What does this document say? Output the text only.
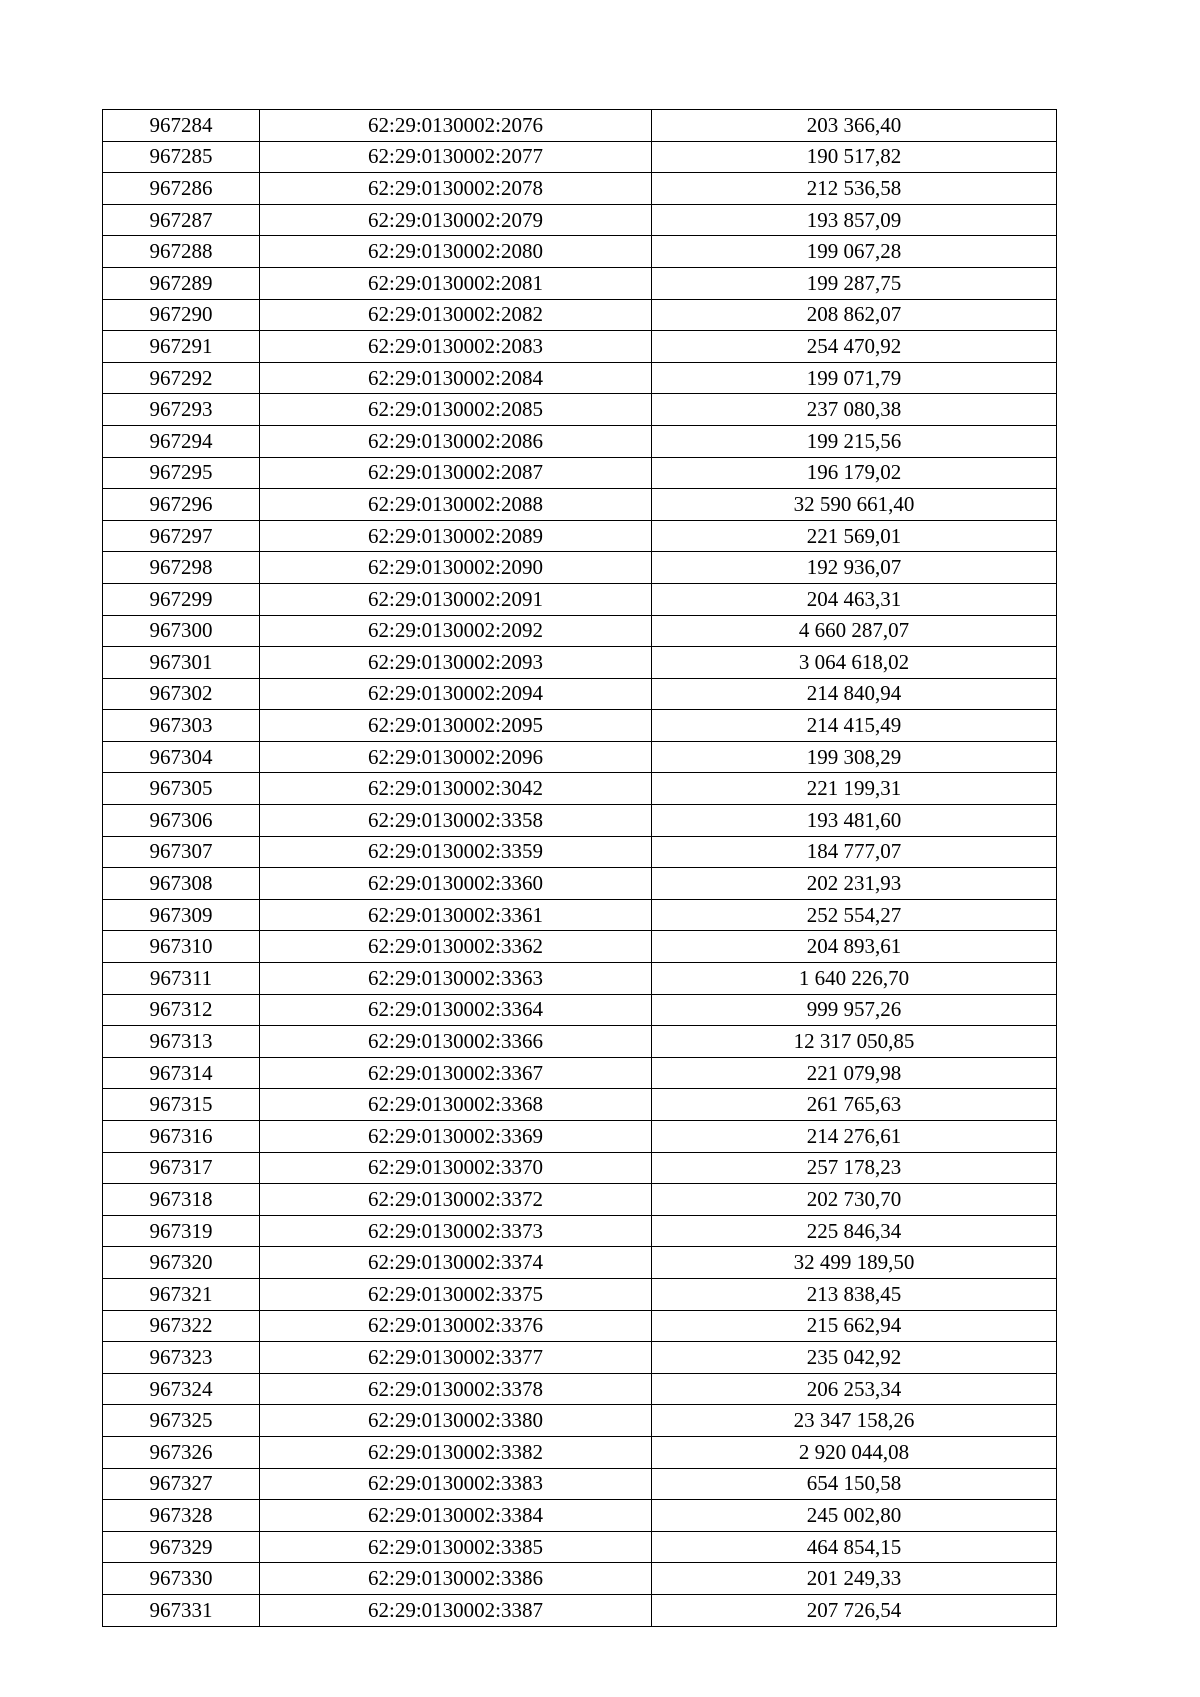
967284	62:29:0130002:2076	203 366,40
967285	62:29:0130002:2077	190 517,82
967286	62:29:0130002:2078	212 536,58
967287	62:29:0130002:2079	193 857,09
967288	62:29:0130002:2080	199 067,28
967289	62:29:0130002:2081	199 287,75
967290	62:29:0130002:2082	208 862,07
967291	62:29:0130002:2083	254 470,92
967292	62:29:0130002:2084	199 071,79
967293	62:29:0130002:2085	237 080,38
967294	62:29:0130002:2086	199 215,56
967295	62:29:0130002:2087	196 179,02
967296	62:29:0130002:2088	32 590 661,40
967297	62:29:0130002:2089	221 569,01
967298	62:29:0130002:2090	192 936,07
967299	62:29:0130002:2091	204 463,31
967300	62:29:0130002:2092	4 660 287,07
967301	62:29:0130002:2093	3 064 618,02
967302	62:29:0130002:2094	214 840,94
967303	62:29:0130002:2095	214 415,49
967304	62:29:0130002:2096	199 308,29
967305	62:29:0130002:3042	221 199,31
967306	62:29:0130002:3358	193 481,60
967307	62:29:0130002:3359	184 777,07
967308	62:29:0130002:3360	202 231,93
967309	62:29:0130002:3361	252 554,27
967310	62:29:0130002:3362	204 893,61
967311	62:29:0130002:3363	1 640 226,70
967312	62:29:0130002:3364	999 957,26
967313	62:29:0130002:3366	12 317 050,85
967314	62:29:0130002:3367	221 079,98
967315	62:29:0130002:3368	261 765,63
967316	62:29:0130002:3369	214 276,61
967317	62:29:0130002:3370	257 178,23
967318	62:29:0130002:3372	202 730,70
967319	62:29:0130002:3373	225 846,34
967320	62:29:0130002:3374	32 499 189,50
967321	62:29:0130002:3375	213 838,45
967322	62:29:0130002:3376	215 662,94
967323	62:29:0130002:3377	235 042,92
967324	62:29:0130002:3378	206 253,34
967325	62:29:0130002:3380	23 347 158,26
967326	62:29:0130002:3382	2 920 044,08
967327	62:29:0130002:3383	654 150,58
967328	62:29:0130002:3384	245 002,80
967329	62:29:0130002:3385	464 854,15
967330	62:29:0130002:3386	201 249,33
967331	62:29:0130002:3387	207 726,54
